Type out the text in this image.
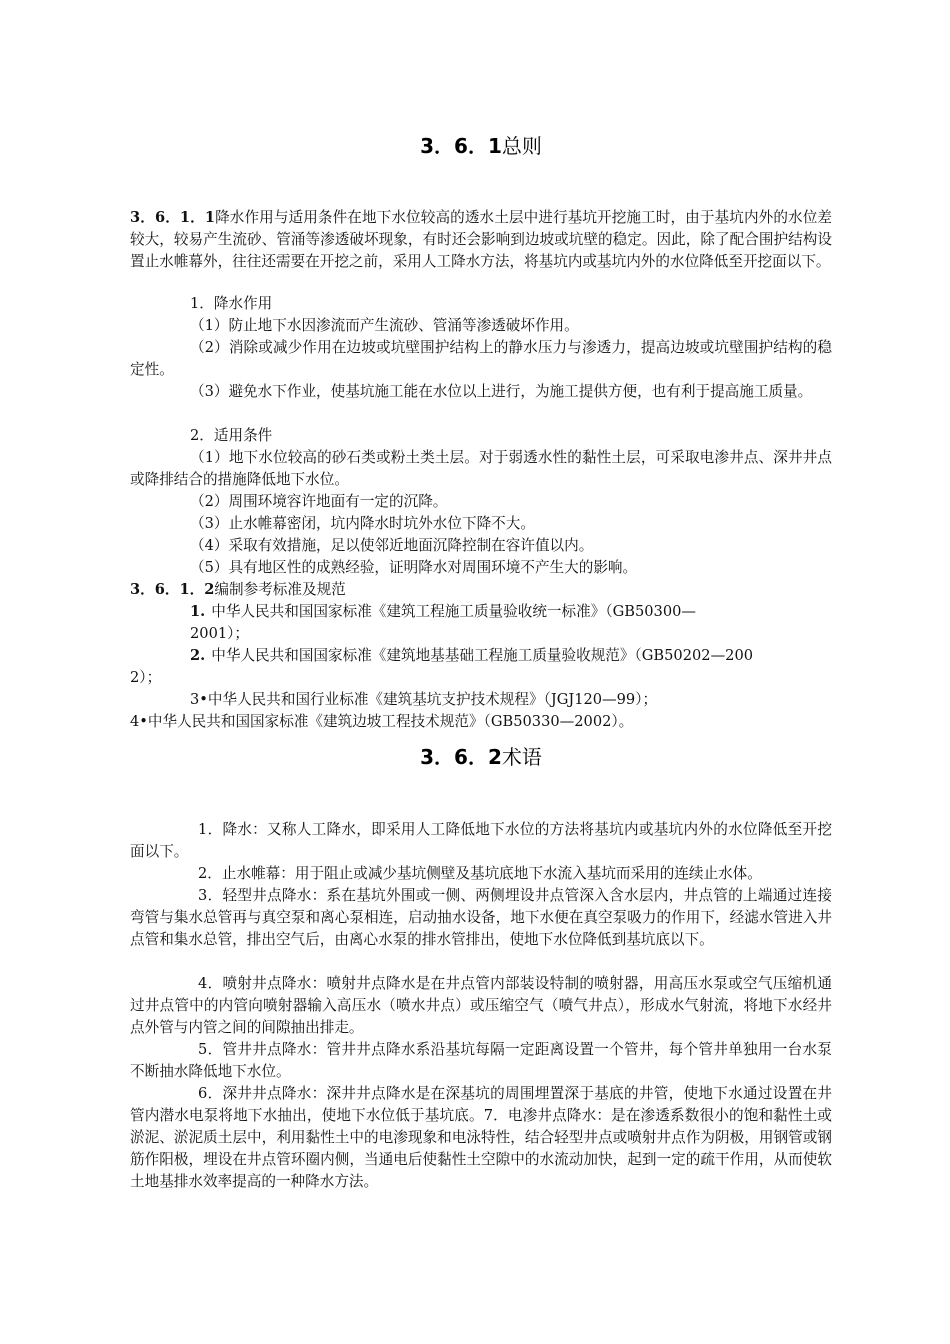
3．6．1总则
3．6．1．1降水作用与适用条件在地下水位较高的透水土层中进行基坑开挖施工时，由于基坑内外的水位差较大，较易产生流砂、管涌等渗透破坏现象，有时还会影响到边坡或坑壁的稳定。因此，除了配合围护结构设置止水帷幕外，往往还需要在开挖之前，采用人工降水方法，将基坑内或基坑内外的水位降低至开挖面以下。
1．降水作用
（1）防止地下水因渗流而产生流砂、管涌等渗透破坏作用。
（2）消除或减少作用在边坡或坑壁围护结构上的静水压力与渗透力，提高边坡或坑壁围护结构的稳定性。
（3）避免水下作业，使基坑施工能在水位以上进行，为施工提供方便，也有利于提高施工质量。
2．适用条件
（1）地下水位较高的砂石类或粉土类土层。对于弱透水性的黏性土层，可采取电渗井点、深井井点或降排结合的措施降低地下水位。
（2）周围环境容许地面有一定的沉降。
（3）止水帷幕密闭，坑内降水时坑外水位下降不大。
（4）采取有效措施，足以使邻近地面沉降控制在容许值以内。
（5）具有地区性的成熟经验，证明降水对周围环境不产生大的影响。
3．6．1．2编制参考标准及规范
1. 中华人民共和国国家标准《建筑工程施工质量验收统一标准》（GB50300—
2001）；
2. 中华人民共和国国家标准《建筑地基基础工程施工质量验收规范》（GB50202—200
2）；
3•中华人民共和国行业标准《建筑基坑支护技术规程》（JGJ120—99）；
4•中华人民共和国国家标准《建筑边坡工程技术规范》（GB50330—2002）。
3．6．2术语
1．降水：又称人工降水，即采用人工降低地下水位的方法将基坑内或基坑内外的水位降低至开挖面以下。
2．止水帷幕：用于阻止或减少基坑侧壁及基坑底地下水流入基坑而采用的连续止水体。
3．轻型井点降水：系在基坑外围或一侧、两侧埋设井点管深入含水层内，井点管的上端通过连接弯管与集水总管再与真空泵和离心泵相连，启动抽水设备，地下水便在真空泵吸力的作用下，经滤水管进入井点管和集水总管，排出空气后，由离心水泵的排水管排出，使地下水位降低到基坑底以下。
4．喷射井点降水：喷射井点降水是在井点管内部装设特制的喷射器，用高压水泵或空气压缩机通过井点管中的内管向喷射器输入高压水（喷水井点）或压缩空气（喷气井点），形成水气射流，将地下水经井点外管与内管之间的间隙抽出排走。
5．管井井点降水：管井井点降水系沿基坑每隔一定距离设置一个管井，每个管井单独用一台水泵不断抽水降低地下水位。
6．深井井点降水：深井井点降水是在深基坑的周围埋置深于基底的井管，使地下水通过设置在井管内潜水电泵将地下水抽出，使地下水位低于基坑底。7．电渗井点降水：是在渗透系数很小的饱和黏性土或淤泥、淤泥质土层中，利用黏性土中的电渗现象和电泳特性，结合轻型井点或喷射井点作为阴极，用钢管或钢筋作阳极，埋设在井点管环圈内侧，当通电后使黏性土空隙中的水流动加快，起到一定的疏干作用，从而使软土地基排水效率提高的一种降水方法。
